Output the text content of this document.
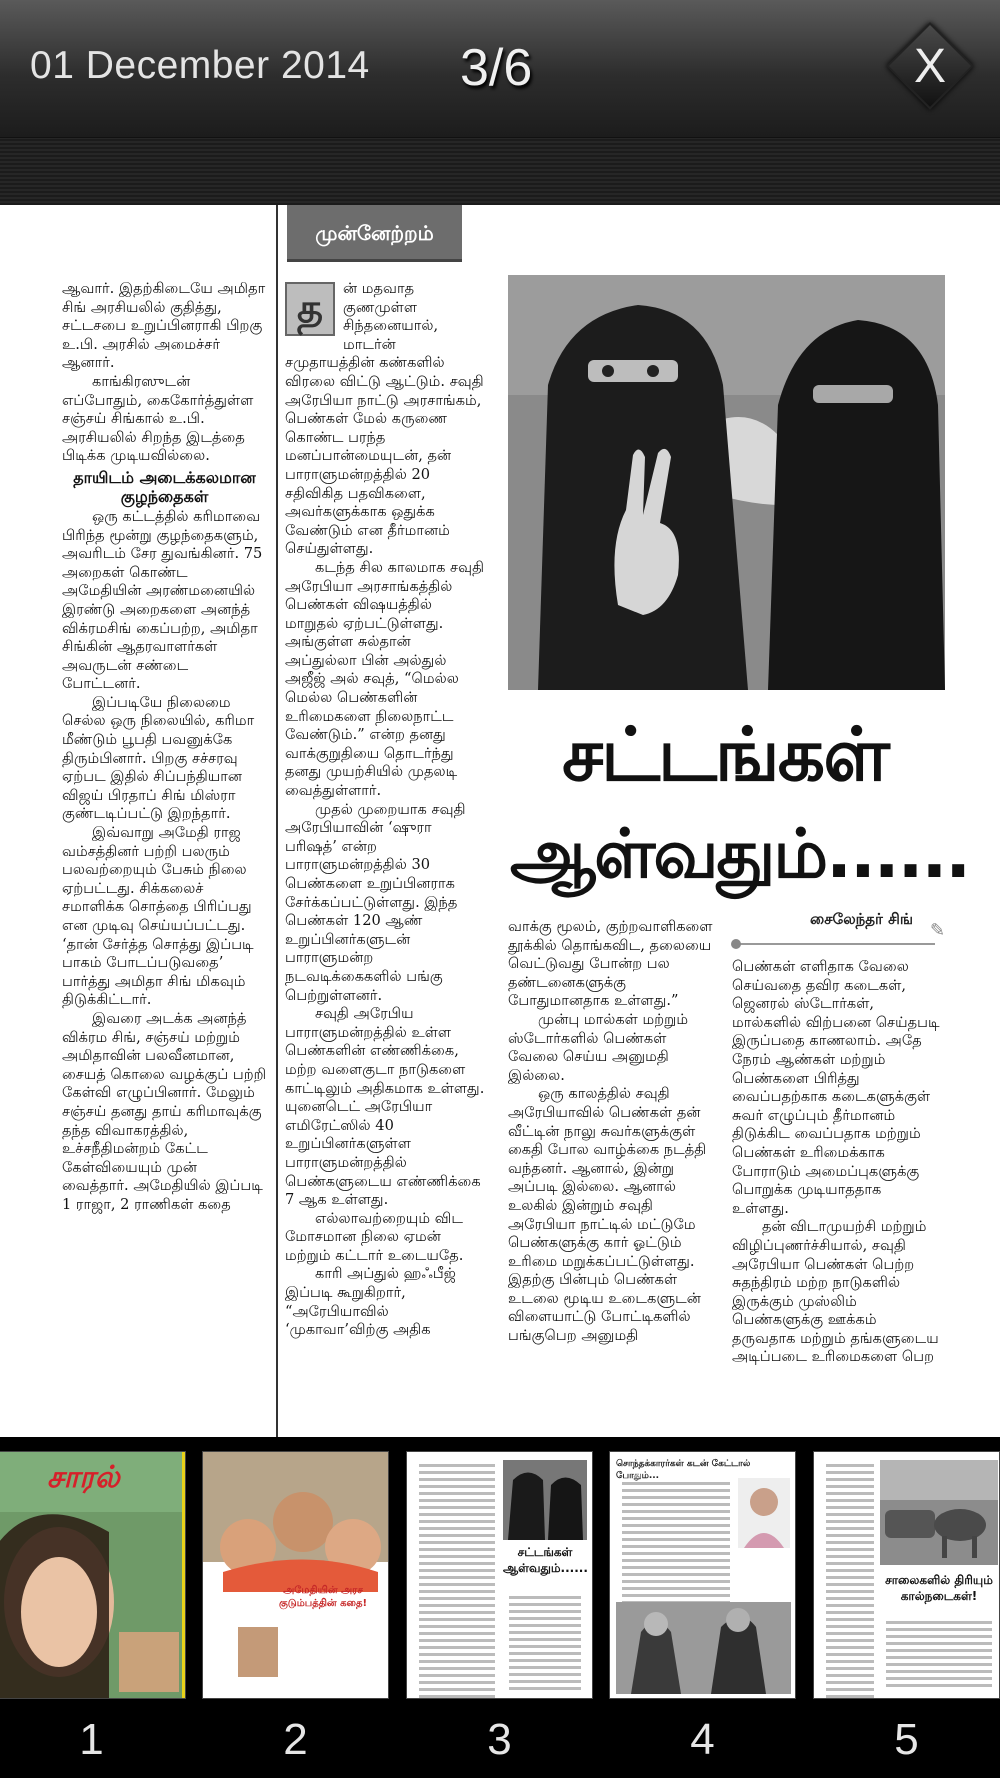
01 December 2014 3/6	X

ஆவார். இதற்கிடையே அமிதா சிங் அரசியலில் குதித்து, சட்டசபை உறுப்பினராகி பிறகு உ.பி. அரசில் அமைச்சர் ஆனார்.

காங்கிரஸுடன் எப்போதும், கைகோர்த்துள்ள சஞ்சய் சிங்கால் உ.பி. அரசியலில் சிறந்த இடத்தை பிடிக்க முடியவில்லை.

தாயிடம் அடைக்கலமான குழந்தைகள்

ஒரு கட்டத்தில் கரிமாவை பிரிந்த மூன்று குழந்தைகளும், அவரிடம் சேர துவங்கினர். 75 அறைகள் கொண்ட அமேதியின் அரண்மனையில் இரண்டு அறைகளை அனந்த் விக்ரமசிங் கைப்பற்ற, அமிதா சிங்கின் ஆதரவாளர்கள் அவருடன் சண்டை போட்டனர்.

இப்படியே நிலைமை செல்ல ஒரு நிலையில், கரிமா மீண்டும் பூபதி பவனுக்கே திரும்பினார். பிறகு சச்சரவு ஏற்பட இதில் சிப்பந்தியான விஜய் பிரதாப் சிங் மிஸ்ரா குண்டடிப்பட்டு இறந்தார்.

இவ்வாறு அமேதி ராஜ வம்சத்தினர் பற்றி பலரும் பலவற்றையும் பேசும் நிலை ஏற்பட்டது. சிக்கலைச் சமாளிக்க சொத்தை பிரிப்பது என முடிவு செய்யப்பட்டது. ‘தான் சேர்த்த சொத்து இப்படி பாகம் போடப்படுவதை’ பார்த்து அமிதா சிங் மிகவும் திடுக்கிட்டார்.

இவரை அடக்க அனந்த் விக்ரம சிங், சஞ்சய் மற்றும் அமிதாவின் பலவீனமான, சையத் கொலை வழக்குப் பற்றி கேள்வி எழுப்பினார். மேலும் சஞ்சய் தனது தாய் கரிமாவுக்கு தந்த விவாகரத்தில், உச்சநீதிமன்றம் கேட்ட கேள்வியையும் முன் வைத்தார். அமேதியில் இப்படி 1 ராஜா, 2 ராணிகள் கதை

முன்னேற்றம்
த	ன் மதவாத குணமுள்ள சிந்தனையால், மாடர்ன் சமுதாயத்தின் கண்களில் விரலை விட்டு ஆட்டும். சவுதி அரேபியா நாட்டு அரசாங்கம், பெண்கள் மேல் கருணை கொண்ட பரந்த மனப்பான்மையுடன், தன் பாராளுமன்றத்தில் 20 சதிவிகித பதவிகளை, அவர்களுக்காக ஒதுக்க வேண்டும் என தீர்மானம் செய்துள்ளது.

கடந்த சில காலமாக சவுதி அரேபியா அரசாங்கத்தில் பெண்கள் விஷயத்தில் மாறுதல் ஏற்பட்டுள்ளது. அங்குள்ள சுல்தான் அப்துல்லா பின் அல்துல் அஜீஜ் அல் சவுத், “மெல்ல மெல்ல பெண்களின் உரிமைகளை நிலைநாட்ட வேண்டும்.” என்ற தனது வாக்குறுதியை தொடர்ந்து தனது முயற்சியில் முதலடி வைத்துள்ளார்.

முதல் முறையாக சவுதி அரேபியாவின் ‘ஷுரா பரிஷத்’ என்ற பாராளுமன்றத்தில் 30 பெண்களை உறுப்பினராக சேர்க்கப்பட்டுள்ளது. இந்த பெண்கள் 120 ஆண் உறுப்பினர்களுடன் பாராளுமன்ற நடவடிக்கைகளில் பங்கு பெற்றுள்ளனர்.

சவுதி அரேபிய பாராளுமன்றத்தில் உள்ள பெண்களின் எண்ணிக்கை, மற்ற வளைகுடா நாடுகளை காட்டிலும் அதிகமாக உள்ளது. யுனைடெட் அரேபியா எமிரேட்ஸில் 40 உறுப்பினர்களுள்ள பாராளுமன்றத்தில் பெண்களுடைய எண்ணிக்கை 7 ஆக உள்ளது.

எல்லாவற்றையும் விட மோசமான நிலை ஏமன் மற்றும் கட்டார் உடையதே.

காரி அப்துல் ஹஃபீஜ் இப்படி கூறுகிறார், “அரேபியாவில் ‘முகாவா’விற்கு அதிக

சட்டங்கள்
ஆள்வதும்......
சைலேந்தர் சிங்
✎

வாக்கு மூலம், குற்றவாளிகளை தூக்கில் தொங்கவிட, தலையை வெட்டுவது போன்ற பல தண்டனைகளுக்கு போதுமானதாக உள்ளது.”

முன்பு மால்கள் மற்றும் ஸ்டோர்களில் பெண்கள் வேலை செய்ய அனுமதி இல்லை.

ஒரு காலத்தில் சவுதி அரேபியாவில் பெண்கள் தன் வீட்டின் நாலு சுவர்களுக்குள் கைதி போல வாழ்க்கை நடத்தி வந்தனர். ஆனால், இன்று அப்படி இல்லை. ஆனால் உலகில் இன்றும் சவுதி அரேபியா நாட்டில் மட்டுமே பெண்களுக்கு கார் ஓட்டும் உரிமை மறுக்கப்பட்டுள்ளது. இதற்கு பின்பும் பெண்கள் உடலை மூடிய உடைகளுடன் விளையாட்டு போட்டிகளில் பங்குபெற அனுமதி

பெண்கள் எளிதாக வேலை செய்வதை தவிர கடைகள், ஜெனரல் ஸ்டோர்கள், மால்களில் விற்பனை செய்தபடி இருப்பதை காணலாம். அதே நேரம் ஆண்கள் மற்றும் பெண்களை பிரித்து வைப்பதற்காக கடைகளுக்குள் சுவர் எழுப்பும் தீர்மானம் திடுக்கிட வைப்பதாக மற்றும் பெண்கள் உரிமைக்காக போராடும் அமைப்புகளுக்கு பொறுக்க முடியாததாக உள்ளது.

தன் விடாமுயற்சி மற்றும் விழிப்புணர்ச்சியால், சவுதி அரேபியா பெண்கள் பெற்ற சுதந்திரம் மற்ற நாடுகளில் இருக்கும் முஸ்லிம் பெண்களுக்கு ஊக்கம் தருவதாக மற்றும் தங்களுடைய அடிப்படை உரிமைகளை பெற

சாரல்
அமேதியின் அரச குடும்பத்தின் கதை!
சட்டங்கள் ஆள்வதும்......
சொந்தக்காரர்கள் கடன் கேட்டால் போதும்...
சாலைகளில் திரியும் கால்நடைகள்!
1	2	3	4	5
